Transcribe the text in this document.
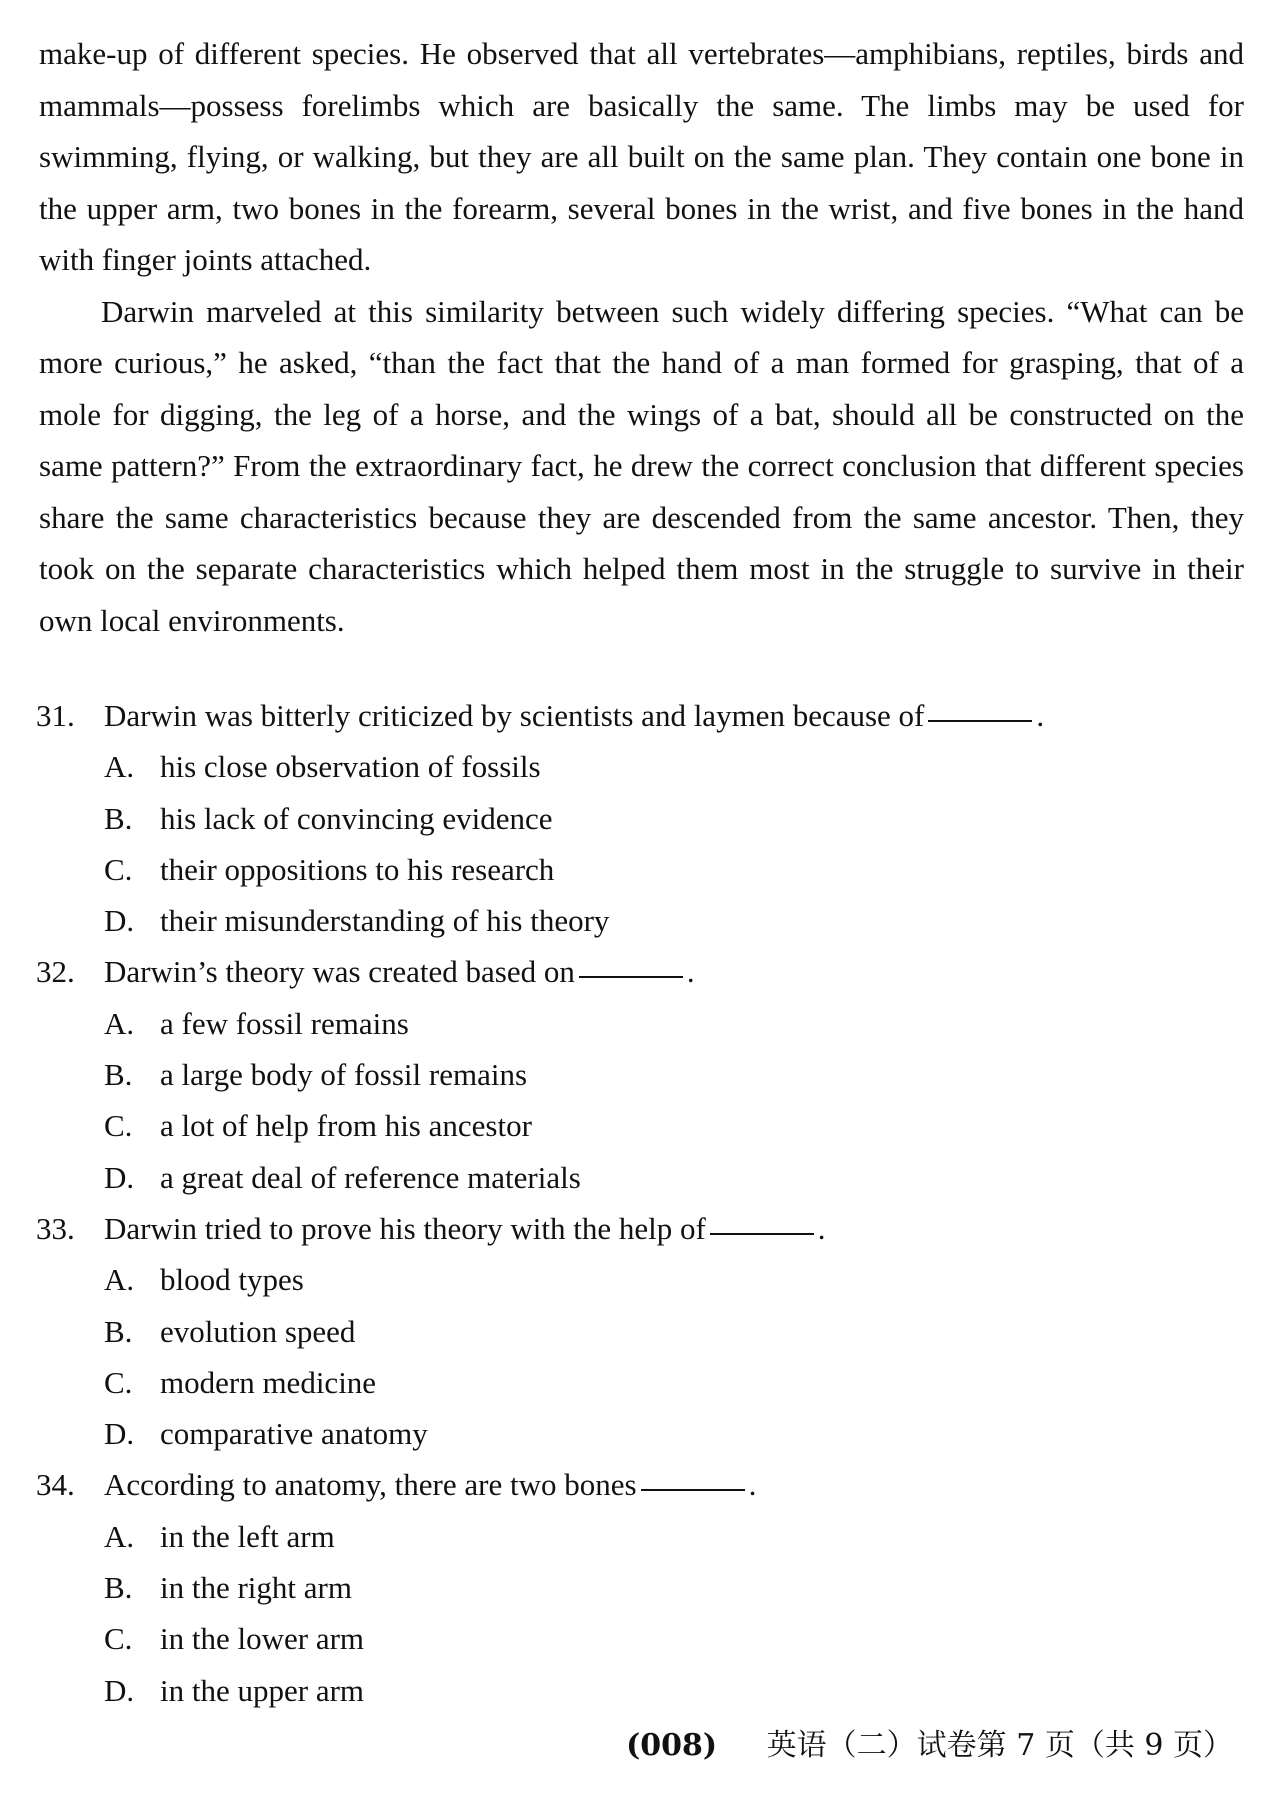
make-up of different species. He observed that all vertebrates—amphibians, reptiles, birds and mammals—possess forelimbs which are basically the same. The limbs may be used for swimming, flying, or walking, but they are all built on the same plan. They contain one bone in the upper arm, two bones in the forearm, several bones in the wrist, and five bones in the hand with finger joints attached.

Darwin marveled at this similarity between such widely differing species. “What can be more curious,” he asked, “than the fact that the hand of a man formed for grasping, that of a mole for digging, the leg of a horse, and the wings of a bat, should all be constructed on the same pattern?” From the extraordinary fact, he drew the correct conclusion that different species share the same characteristics because they are descended from the same ancestor. Then, they took on the separate characteristics which helped them most in the struggle to survive in their own local environments.

31. Darwin was bitterly criticized by scientists and laymen because of	.
A. his close observation of fossils
B. his lack of convincing evidence
C. their oppositions to his research
D. their misunderstanding of his theory
32. Darwin’s theory was created based on	.
A. a few fossil remains
B. a large body of fossil remains
C. a lot of help from his ancestor
D. a great deal of reference materials
33. Darwin tried to prove his theory with the help of	.
A. blood types
B. evolution speed
C. modern medicine
D. comparative anatomy
34. According to anatomy, there are two bones	.
A. in the left arm
B. in the right arm
C. in the lower arm
D. in the upper arm
(008) 英语（二）试卷第 7 页（共 9 页）
